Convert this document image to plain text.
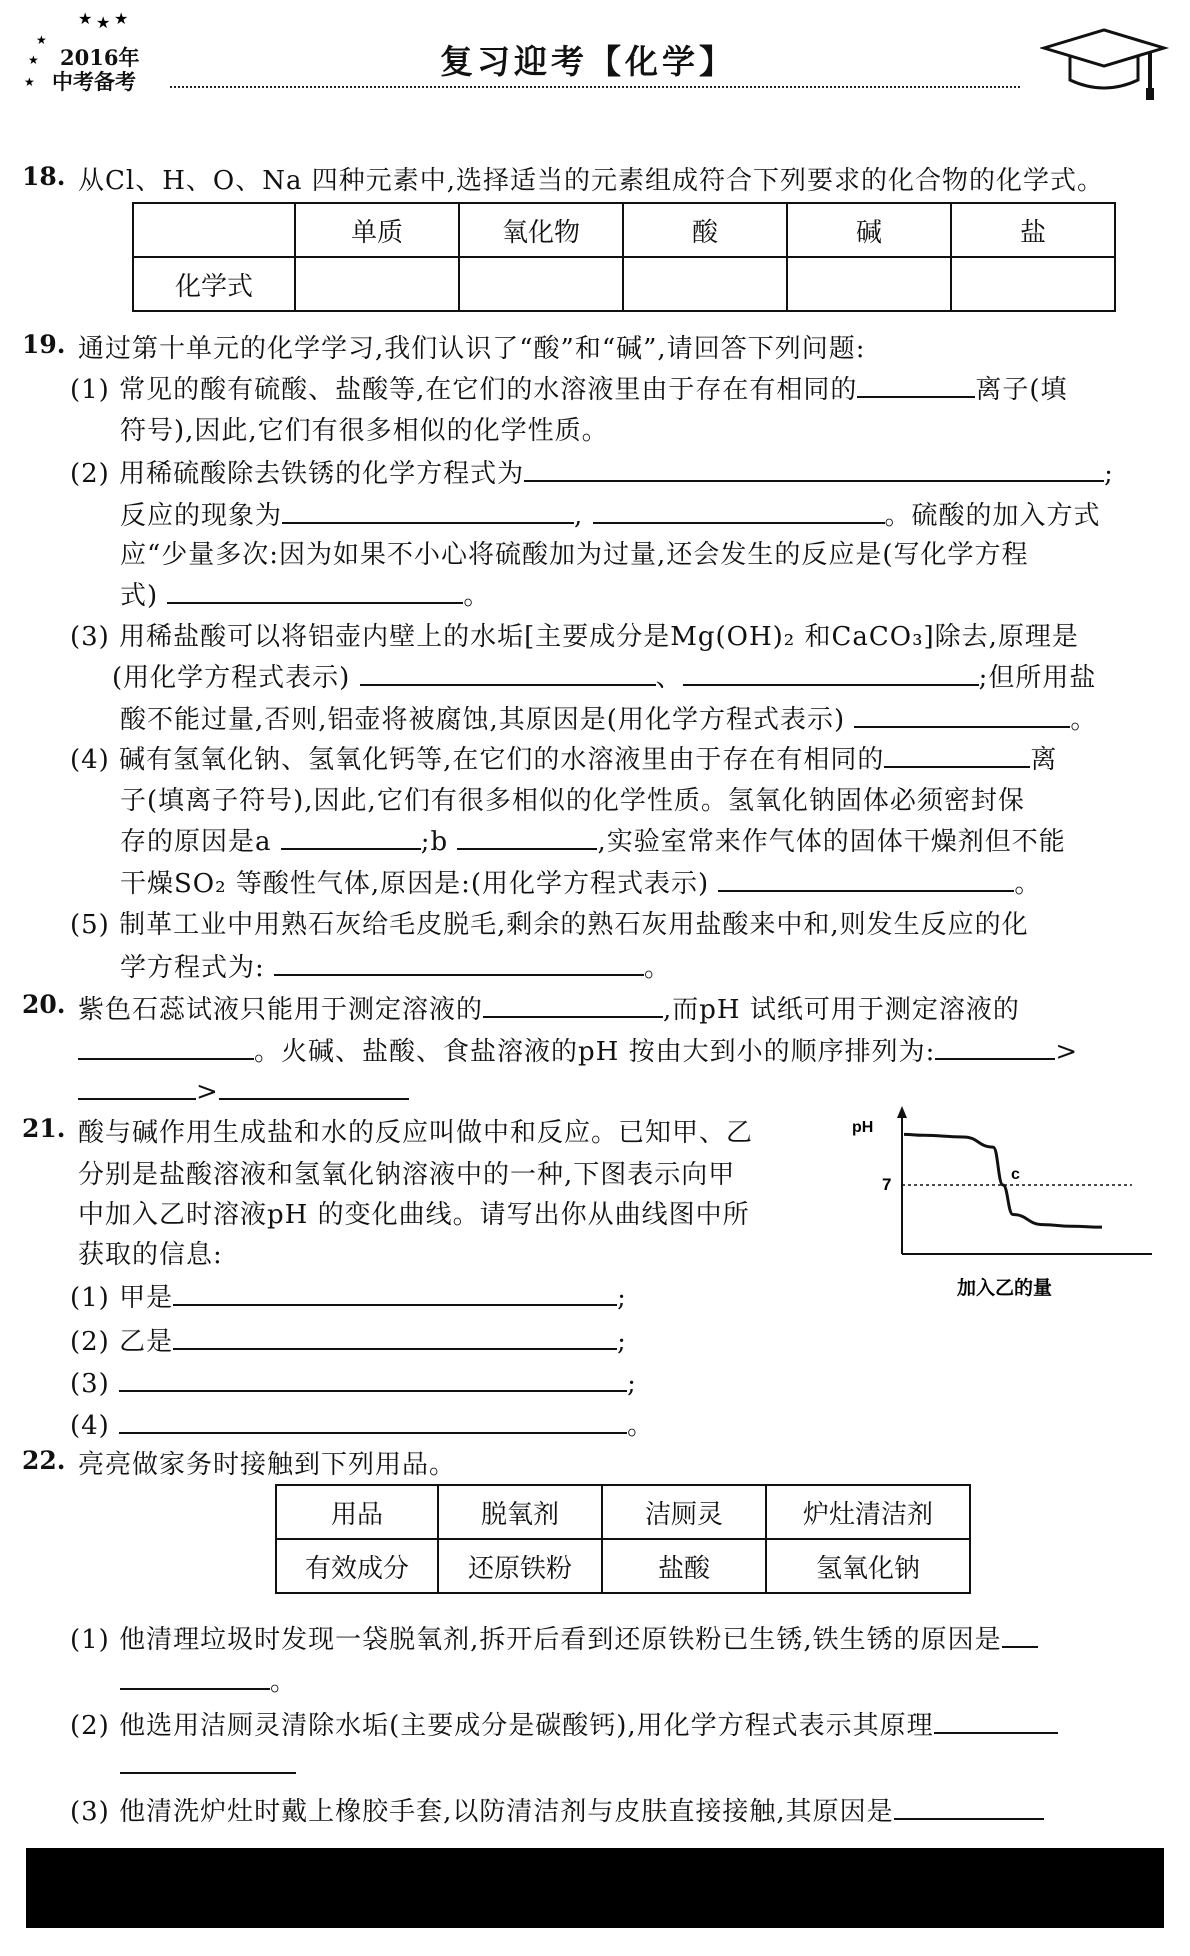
★ ★ ★
★
★
★
2016年
中考备考
复习迎考【化学】
18. 从Cl、H、O、Na 四种元素中,选择适当的元素组成符合下列要求的化合物的化学式。
	单质	氧化物	酸	碱	盐
化学式					
19. 通过第十单元的化学学习,我们认识了“酸”和“碱”,请回答下列问题:
(1) 常见的酸有硫酸、盐酸等,在它们的水溶液里由于存在有相同的	离子(填
符号),因此,它们有很多相似的化学性质。
(2) 用稀硫酸除去铁锈的化学方程式为	;
反应的现象为	,	。硫酸的加入方式
应“少量多次:因为如果不小心将硫酸加为过量,还会发生的反应是(写化学方程
式)	。
(3) 用稀盐酸可以将铝壶内壁上的水垢[主要成分是Mg(OH)₂ 和CaCO₃]除去,原理是
(用化学方程式表示)	、	;但所用盐
酸不能过量,否则,铝壶将被腐蚀,其原因是(用化学方程式表示)	。
(4) 碱有氢氧化钠、氢氧化钙等,在它们的水溶液里由于存在有相同的	离
子(填离子符号),因此,它们有很多相似的化学性质。氢氧化钠固体必须密封保
存的原因是a	;b	,实验室常来作气体的固体干燥剂但不能
干燥SO₂ 等酸性气体,原因是:(用化学方程式表示)	。
(5) 制革工业中用熟石灰给毛皮脱毛,剩余的熟石灰用盐酸来中和,则发生反应的化
学方程式为:	。
20. 紫色石蕊试液只能用于测定溶液的	,而pH 试纸可用于测定溶液的
。火碱、盐酸、食盐溶液的pH 按由大到小的顺序排列为:	>
>
21. 酸与碱作用生成盐和水的反应叫做中和反应。已知甲、乙
分别是盐酸溶液和氢氧化钠溶液中的一种,下图表示向甲
中加入乙时溶液pH 的变化曲线。请写出你从曲线图中所
获取的信息:
(1) 甲是	;
(2) 乙是	;
(3)	;
(4)	。
7
pH
c
加入乙的量
22. 亮亮做家务时接触到下列用品。
用品	脱氧剂	洁厕灵	炉灶清洁剂
有效成分	还原铁粉	盐酸	氢氧化钠
(1) 他清理垃圾时发现一袋脱氧剂,拆开后看到还原铁粉已生锈,铁生锈的原因是
。
(2) 他选用洁厕灵清除水垢(主要成分是碳酸钙),用化学方程式表示其原理
(3) 他清洗炉灶时戴上橡胶手套,以防清洁剂与皮肤直接接触,其原因是
